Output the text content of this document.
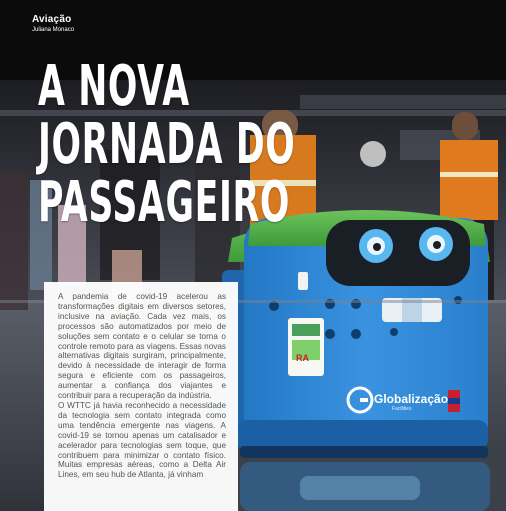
Aviação
Juliana Monaco
A NOVA
JORNADA DO
PASSAGEIRO
Globalização
Facilities
RA

A pandemia de covid-19 acelerou as transformações digitais em diversos setores, inclusive na aviação. Cada vez mais, os processos são automatizados por meio de soluções sem contato e o celular se torna o controle remoto para as viagens. Essas novas alternativas digitais surgiram, principalmente, devido à necessidade de interagir de forma segura e eficiente com os passageiros, aumentar a confiança dos viajantes e contribuir para a recuperação da indústria.

O WTTC já havia reconhecido a necessidade da tecnologia sem contato integrada como uma tendência emergente nas viagens. A covid-19 se tornou apenas um catalisador e acelerador para tecnologias sem toque, que contribuem para minimizar o contato físico. Muitas empresas aéreas, como a Delta Air Lines, em seu hub de Atlanta, já vinham
